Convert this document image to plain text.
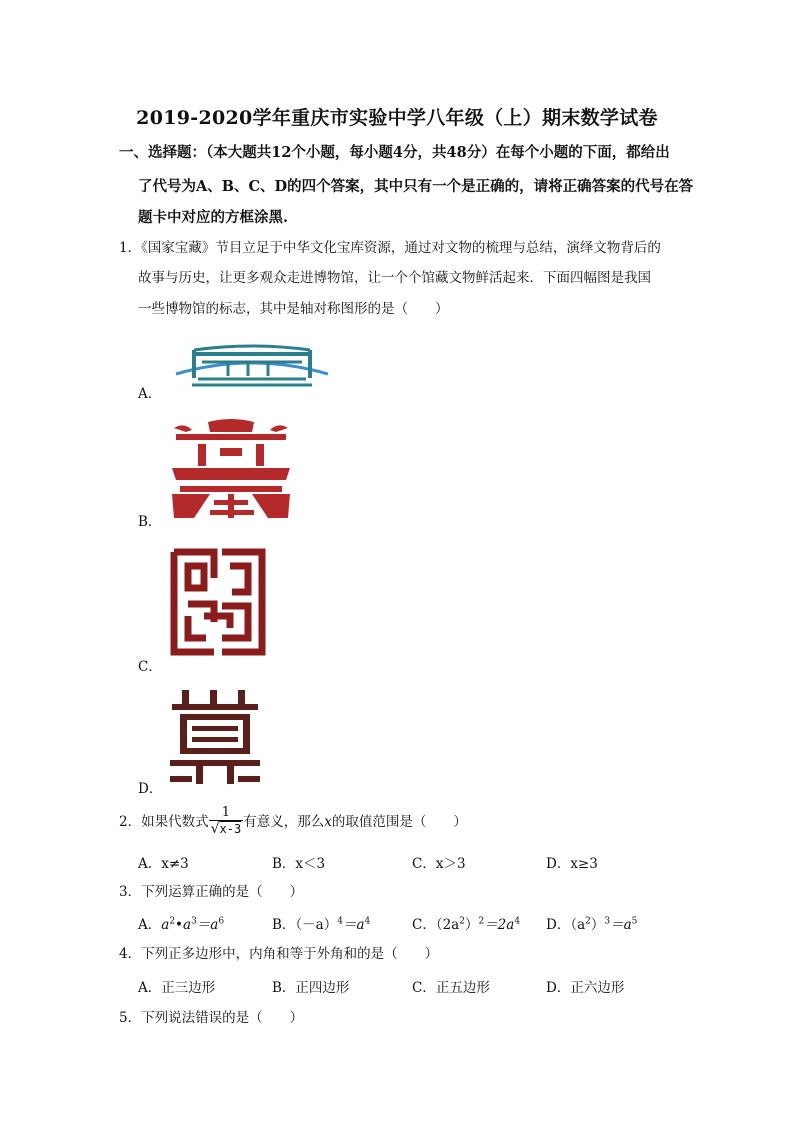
2019-2020学年重庆市实验中学八年级（上）期末数学试卷
一、选择题：（本大题共12个小题，每小题4分，共48分）在每个小题的下面，都给出
了代号为A、B、C、D的四个答案，其中只有一个是正确的，请将正确答案的代号在答
题卡中对应的方框涂黑.
1．《国家宝藏》节目立足于中华文化宝库资源，通过对文物的梳理与总结，演绎文物背后的
故事与历史，让更多观众走进博物馆，让一个个馆藏文物鲜活起来．下面四幅图是我国
一些博物馆的标志，其中是轴对称图形的是（　　）
A．
B．
C．
D．
2．如果代数式 $\frac{1}{√x-3}$ 有意义，那么 x 的取值范围是（　　）
A．x≠3	B．x＜3	C．x＞3	D．x≥3
3．下列运算正确的是（　　）
A．$a^2•a^3=a^6$	B．$(-a)^4=a^4$	C．$(2a^2)^2=2a^4$ D．$(a^2)^3=a^5$
4．下列正多边形中，内角和等于外角和的是（　　）
A．正三边形	B．正四边形	C．正五边形	D．正六边形
5．下列说法错误的是（　　）
